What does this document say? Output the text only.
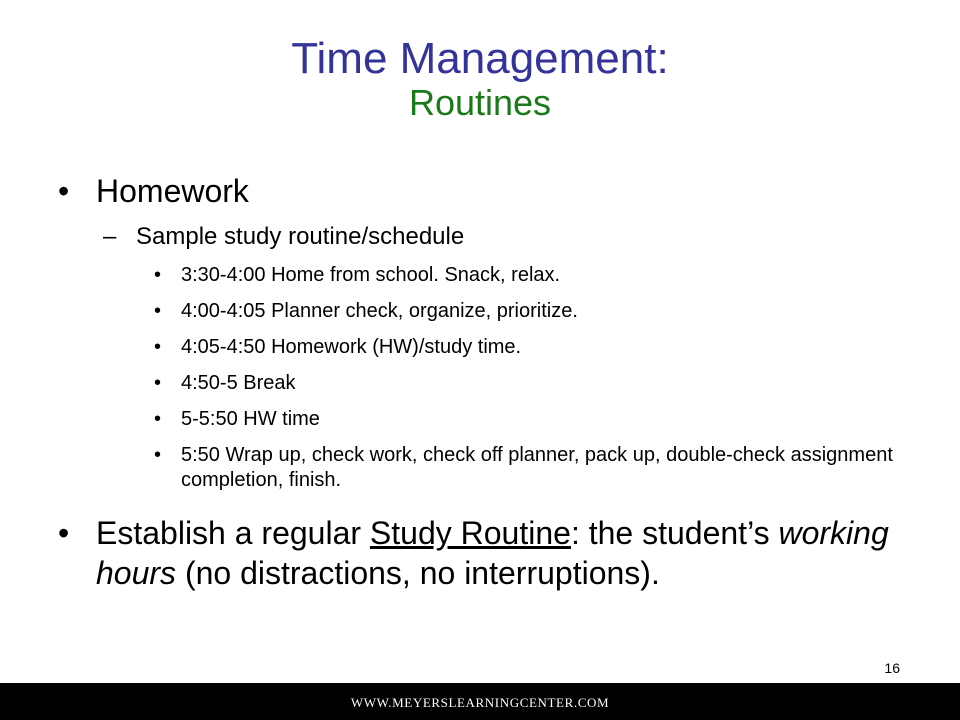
Time Management:
Routines
• Homework
– Sample study routine/schedule
• 3:30-4:00 Home from school. Snack, relax.
• 4:00-4:05 Planner check, organize, prioritize.
• 4:05-4:50 Homework (HW)/study time.
• 4:50-5 Break
• 5-5:50 HW time
• 5:50 Wrap up, check work, check off planner, pack up, double-check assignment completion, finish.
• Establish a regular Study Routine: the student’s working hours (no distractions, no interruptions).
16
WWW.MEYERSLEARNINGCENTER.COM
